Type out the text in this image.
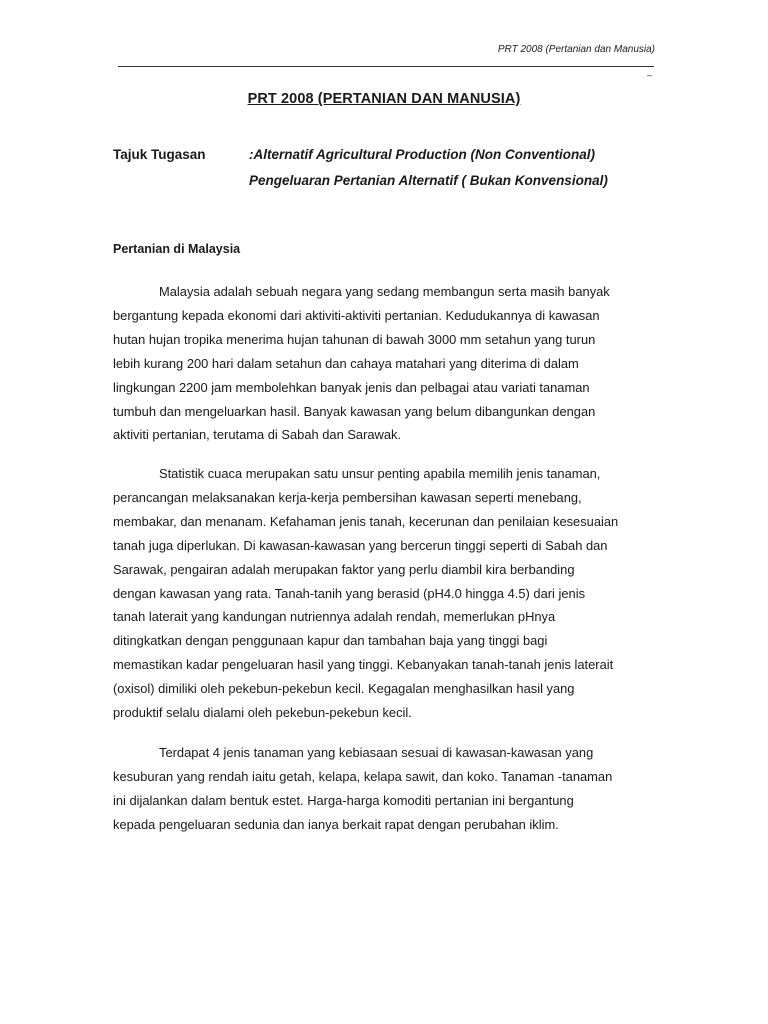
PRT 2008 (Pertanian dan Manusia)
–
PRT 2008 (PERTANIAN DAN MANUSIA)
Tajuk Tugasan	:Alternatif Agricultural Production (Non Conventional)
Pengeluaran Pertanian Alternatif ( Bukan Konvensional)
Pertanian di Malaysia
Malaysia adalah sebuah negara yang sedang membangun serta masih banyak
bergantung kepada ekonomi dari aktiviti-aktiviti pertanian. Kedudukannya di kawasan
hutan hujan tropika menerima hujan tahunan di bawah 3000 mm setahun yang turun
lebih kurang 200 hari dalam setahun dan cahaya matahari yang diterima di dalam
lingkungan 2200 jam membolehkan banyak jenis dan pelbagai atau variati tanaman
tumbuh dan mengeluarkan hasil. Banyak kawasan yang belum dibangunkan dengan
aktiviti pertanian, terutama di Sabah dan Sarawak.
Statistik cuaca merupakan satu unsur penting apabila memilih jenis tanaman,
perancangan melaksanakan kerja-kerja pembersihan kawasan seperti menebang,
membakar, dan menanam. Kefahaman jenis tanah, kecerunan dan penilaian kesesuaian
tanah juga diperlukan. Di kawasan-kawasan yang bercerun tinggi seperti di Sabah dan
Sarawak, pengairan adalah merupakan faktor yang perlu diambil kira berbanding
dengan kawasan yang rata. Tanah-tanih yang berasid (pH4.0 hingga 4.5) dari jenis
tanah laterait yang kandungan nutriennya adalah rendah, memerlukan pHnya
ditingkatkan dengan penggunaan kapur dan tambahan baja yang tinggi bagi
memastikan kadar pengeluaran hasil yang tinggi. Kebanyakan tanah-tanah jenis laterait
(oxisol) dimiliki oleh pekebun-pekebun kecil. Kegagalan menghasilkan hasil yang
produktif selalu dialami oleh pekebun-pekebun kecil.
Terdapat 4 jenis tanaman yang kebiasaan sesuai di kawasan-kawasan yang
kesuburan yang rendah iaitu getah, kelapa, kelapa sawit, dan koko. Tanaman -tanaman
ini dijalankan dalam bentuk estet. Harga-harga komoditi pertanian ini bergantung
kepada pengeluaran sedunia dan ianya berkait rapat dengan perubahan iklim.
